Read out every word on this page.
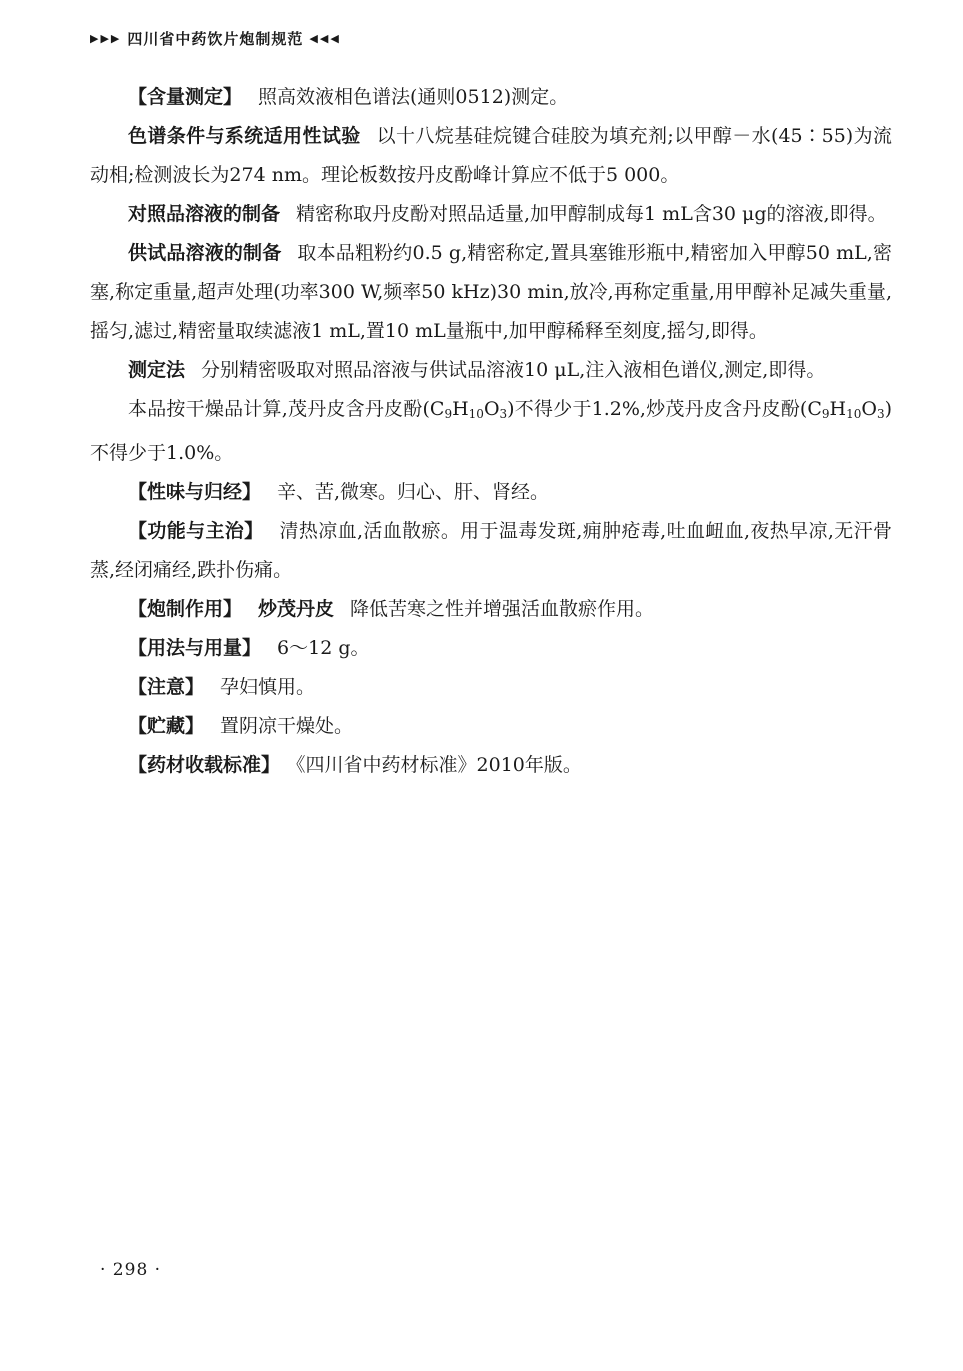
▶▶▶ 四川省中药饮片炮制规范 ◀◀◀

【含量测定】 照高效液相色谱法(通则0512)测定。

色谱条件与系统适用性试验 以十八烷基硅烷键合硅胶为填充剂;以甲醇－水(45∶55)为流动相;检测波长为274 nm。理论板数按丹皮酚峰计算应不低于5 000。

对照品溶液的制备 精密称取丹皮酚对照品适量,加甲醇制成每1 mL含30 μg的溶液,即得。

供试品溶液的制备 取本品粗粉约0.5 g,精密称定,置具塞锥形瓶中,精密加入甲醇50 mL,密塞,称定重量,超声处理(功率300 W,频率50 kHz)30 min,放冷,再称定重量,用甲醇补足减失重量,摇匀,滤过,精密量取续滤液1 mL,置10 mL量瓶中,加甲醇稀释至刻度,摇匀,即得。

测定法 分别精密吸取对照品溶液与供试品溶液10 μL,注入液相色谱仪,测定,即得。

本品按干燥品计算,茂丹皮含丹皮酚$(C_9H_{10}O_3)$不得少于1.2%,炒茂丹皮含丹皮酚$(C_9H_{10}O_3)$不得少于1.0%。

【性味与归经】 辛、苦,微寒。归心、肝、肾经。

【功能与主治】 清热凉血,活血散瘀。用于温毒发斑,痈肿疮毒,吐血衄血,夜热早凉,无汗骨蒸,经闭痛经,跌扑伤痛。

【炮制作用】 炒茂丹皮 降低苦寒之性并增强活血散瘀作用。

【用法与用量】 6～12 g。

【注意】 孕妇慎用。

【贮藏】 置阴凉干燥处。

【药材收载标准】 《四川省中药材标准》2010年版。

· 298 ·
